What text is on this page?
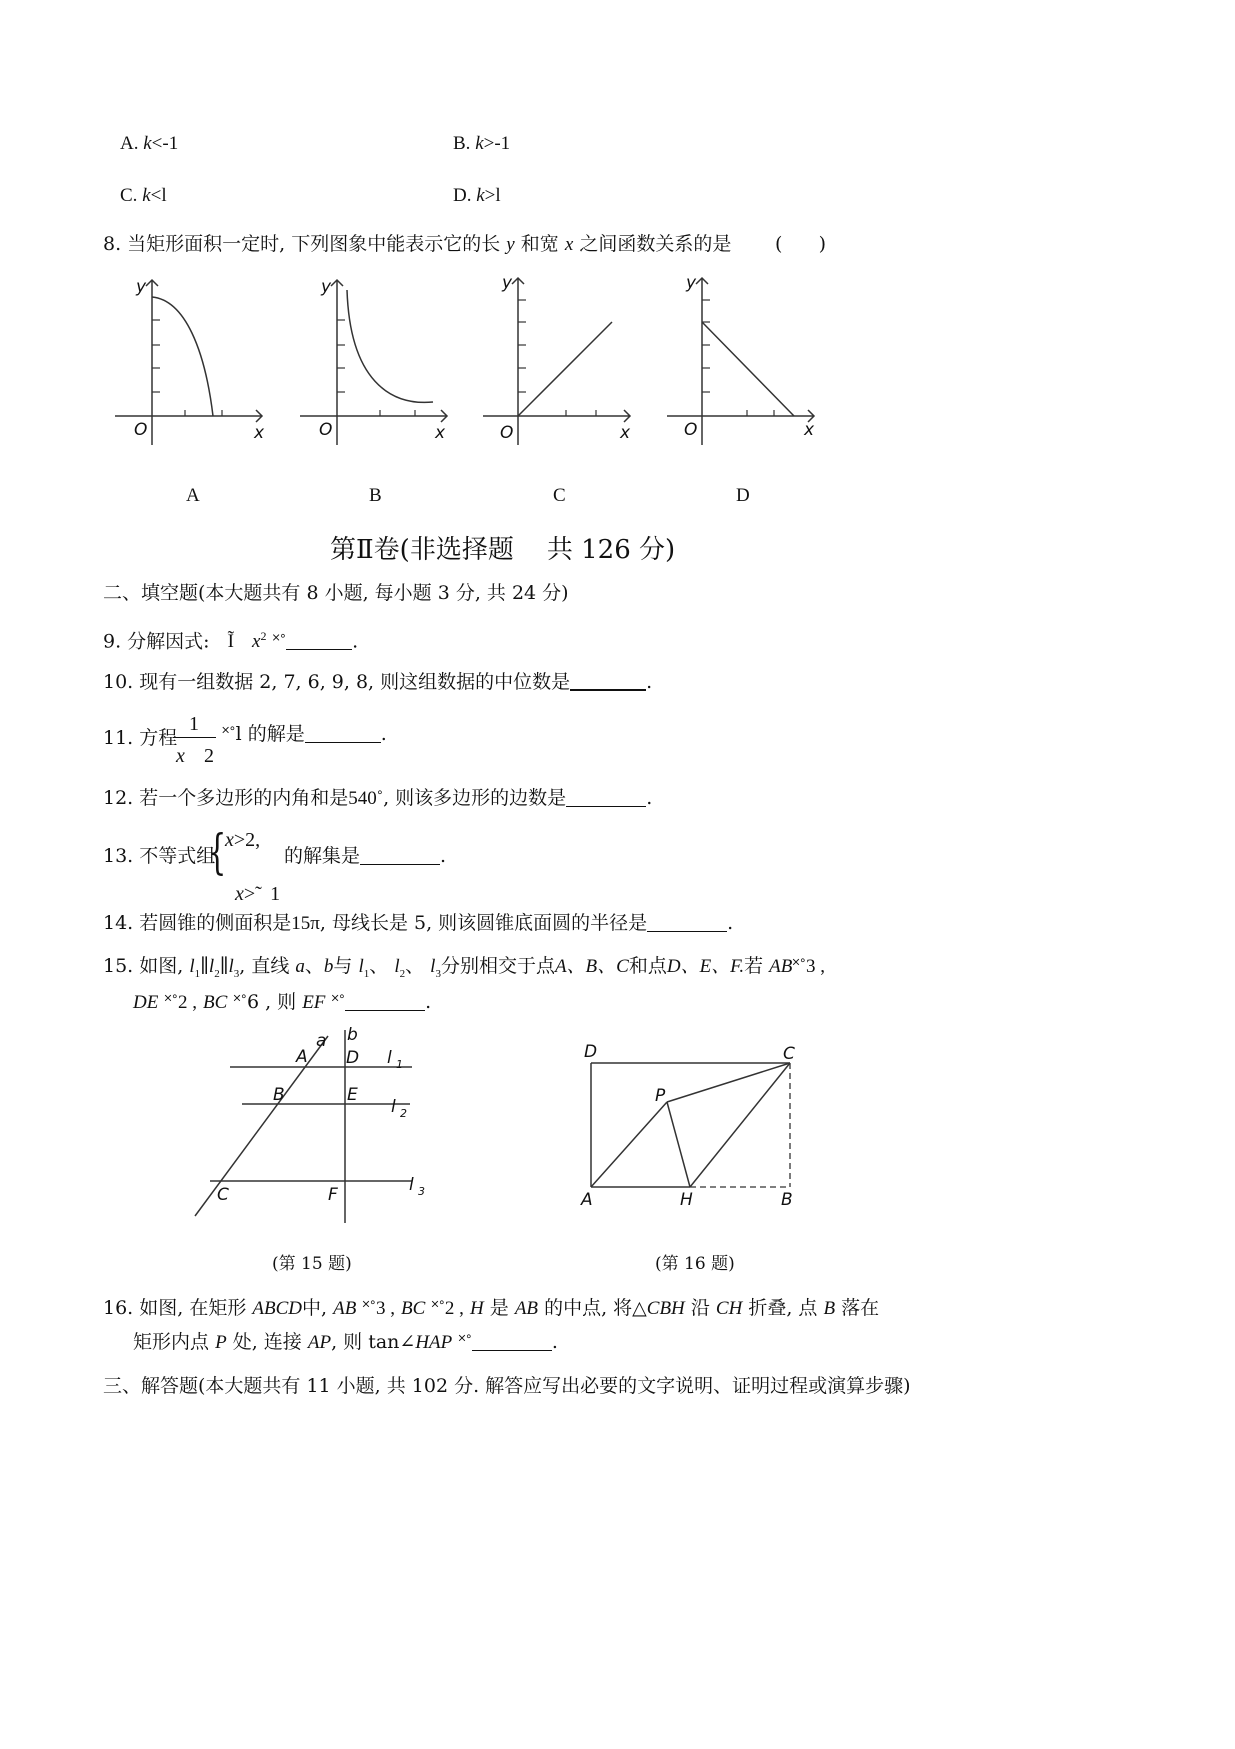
A. k<-1	B. k>-1
C. k<l	D. k>l
8. 当矩形面积一定时, 下列图象中能表示它的长 y 和宽 x 之间函数关系的是 (      )
y
x
O
A
y
x
O
B
y
x
O
C
y
x
O
D
第Ⅱ卷(非选择题    共 126 分)
二、填空题(本大题共有 8 小题, 每小题 3 分, 共 24 分)
9. 分解因式: Ĩ $x^2$ ˟˚	.
10. 现有一组数据 2, 7, 6, 9, 8, 则这组数据的中位数是	.
11. 方程
1
x 2
˟˚l 的解是	.
12. 若一个多边形的内角和是540˚, 则该多边形的边数是	.
13. 不等式组
{
x>2,

x>̃   1

的解集是	.
14. 若圆锥的侧面积是15π, 母线长是 5, 则该圆锥底面圆的半径是	.
15. 如图, $l_1\parallel l_2\parallel l_3$, 直线 a、b与 $l_1$、 $l_2$、 $l_3$分别相交于点A、B、C和点D、E、F.若 AB˟˚3 ,
DE ˟˚2 , BC ˟˚6 , 则 EF ˟˚	.
a b
A D l 1
B	E
l 2
C	F	l 3
(第 15 题)
D	C
P
A	H	B
(第 16 题)
16. 如图, 在矩形 ABCD中, AB ˟˚3 , BC ˟˚2 , H 是 AB 的中点, 将△CBH 沿 CH 折叠, 点 B 落在
矩形内点 P 处, 连接 AP, 则 tan∠HAP ˟˚	.
三、解答题(本大题共有 11 小题, 共 102 分. 解答应写出必要的文字说明、证明过程或演算步骤)
